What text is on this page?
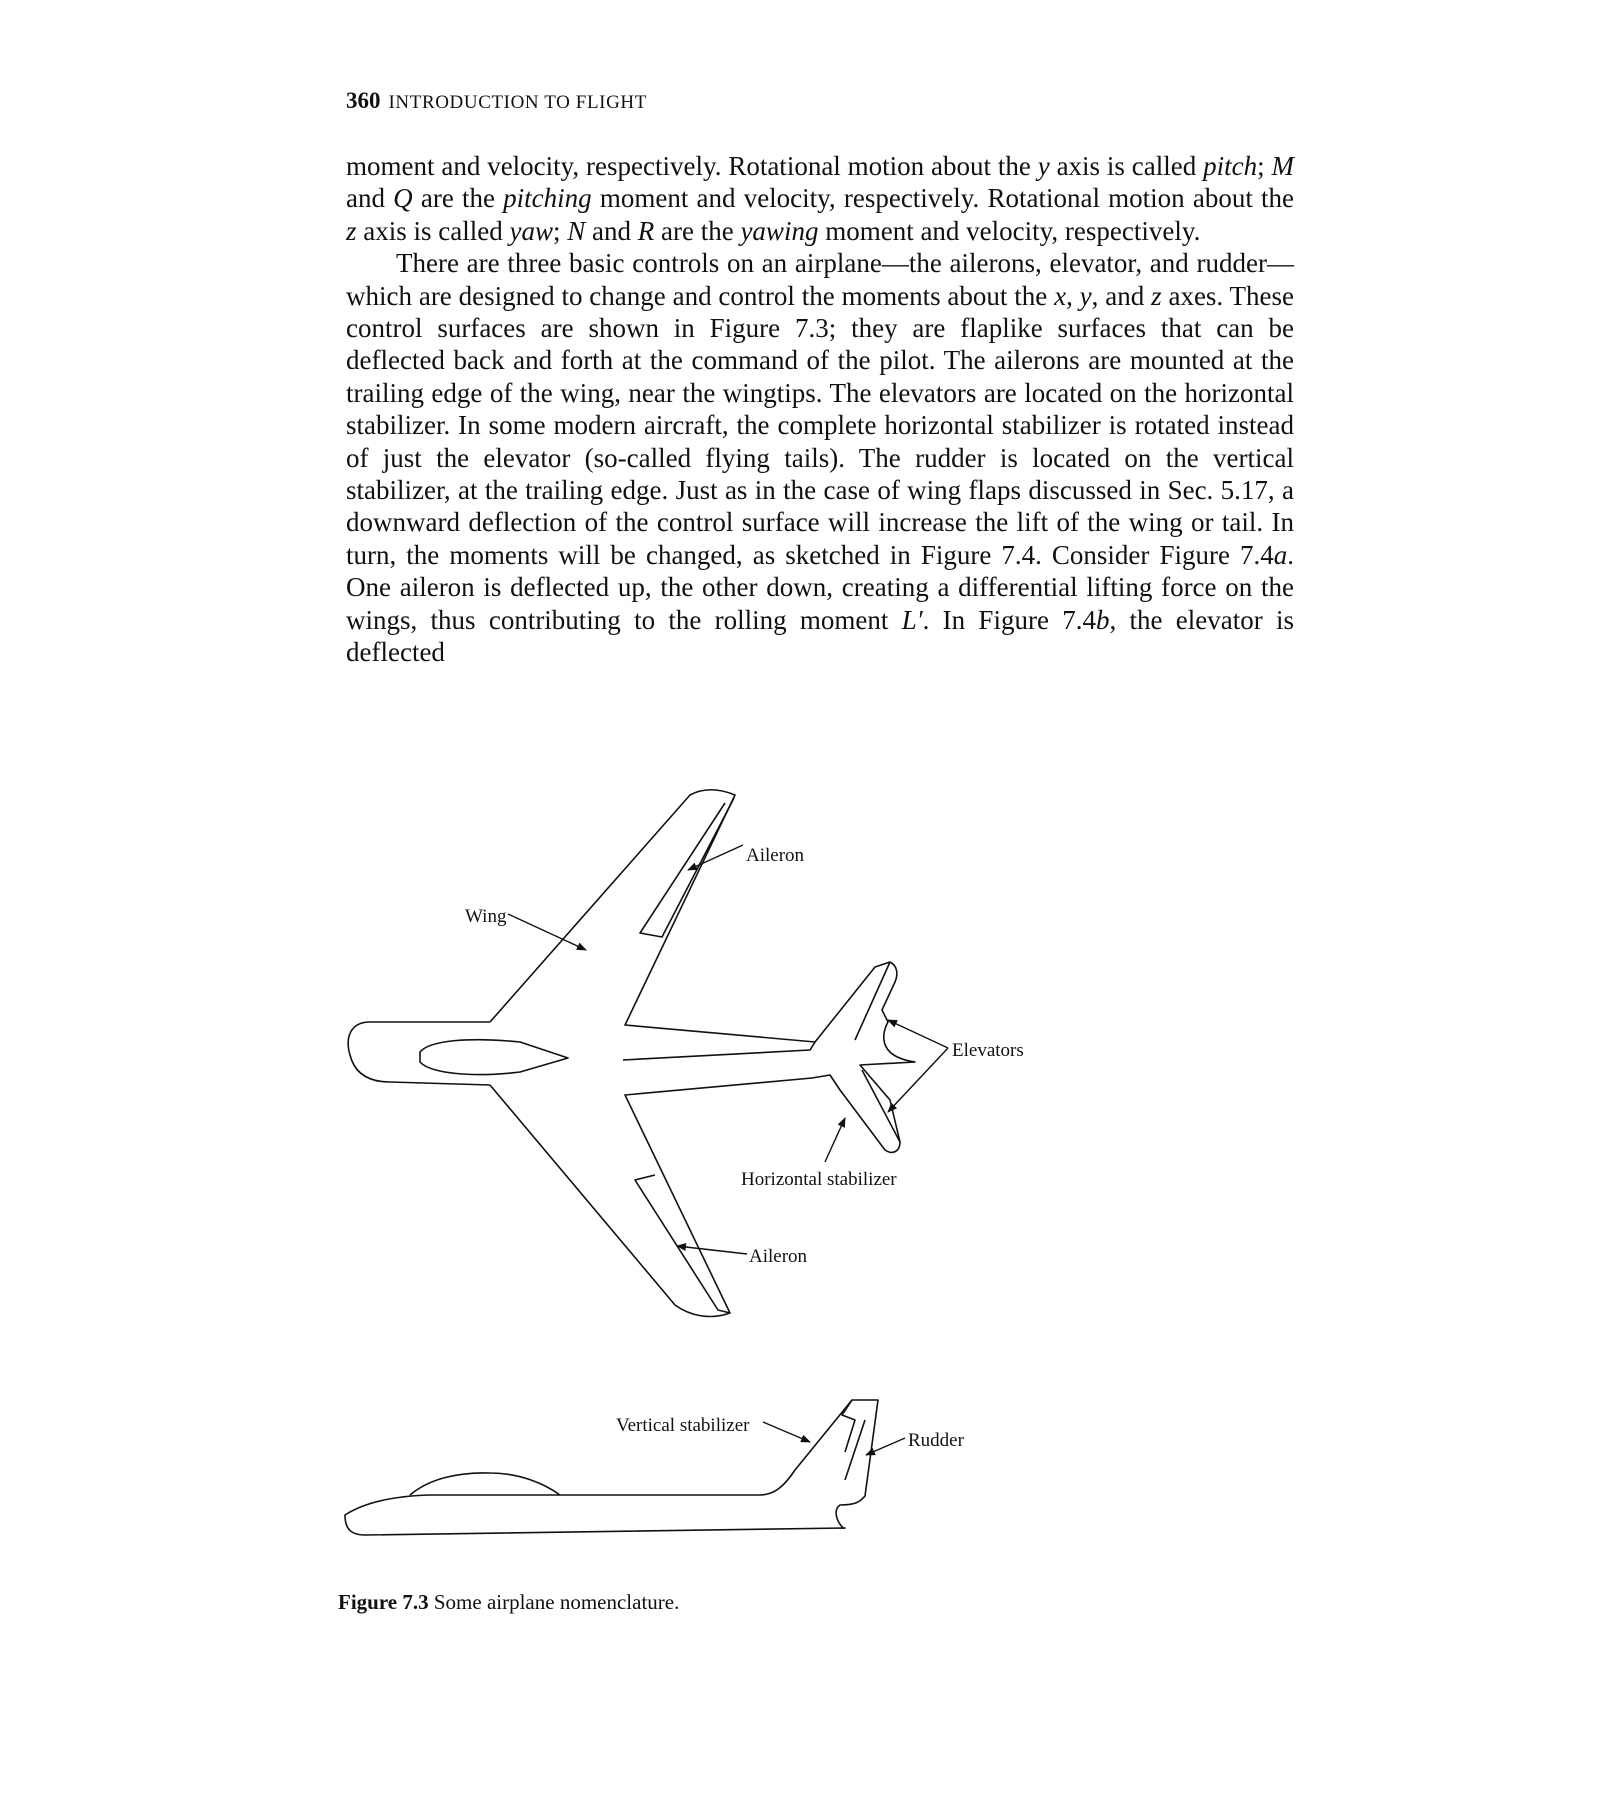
360 INTRODUCTION TO FLIGHT

moment and velocity, respectively. Rotational motion about the y axis is called pitch; M and Q are the pitching moment and velocity, respectively. Rotational motion about the z axis is called yaw; N and R are the yawing moment and velocity, respectively.

There are three basic controls on an airplane—the ailerons, elevator, and rudder—which are designed to change and control the moments about the x, y, and z axes. These control surfaces are shown in Figure 7.3; they are flaplike surfaces that can be deflected back and forth at the command of the pilot. The ailerons are mounted at the trailing edge of the wing, near the wingtips. The elevators are located on the horizontal stabilizer. In some modern aircraft, the complete horizontal stabilizer is rotated instead of just the elevator (so-called flying tails). The rudder is located on the vertical stabilizer, at the trailing edge. Just as in the case of wing flaps discussed in Sec. 5.17, a downward deflection of the control surface will increase the lift of the wing or tail. In turn, the moments will be changed, as sketched in Figure 7.4. Consider Figure 7.4a. One aileron is deflected up, the other down, creating a differential lifting force on the wings, thus contributing to the rolling moment L′. In Figure 7.4b, the elevator is deflected

Aileron
Wing
Elevators
Horizontal stabilizer
Aileron
Vertical stabilizer
Rudder
Figure 7.3 Some airplane nomenclature.
